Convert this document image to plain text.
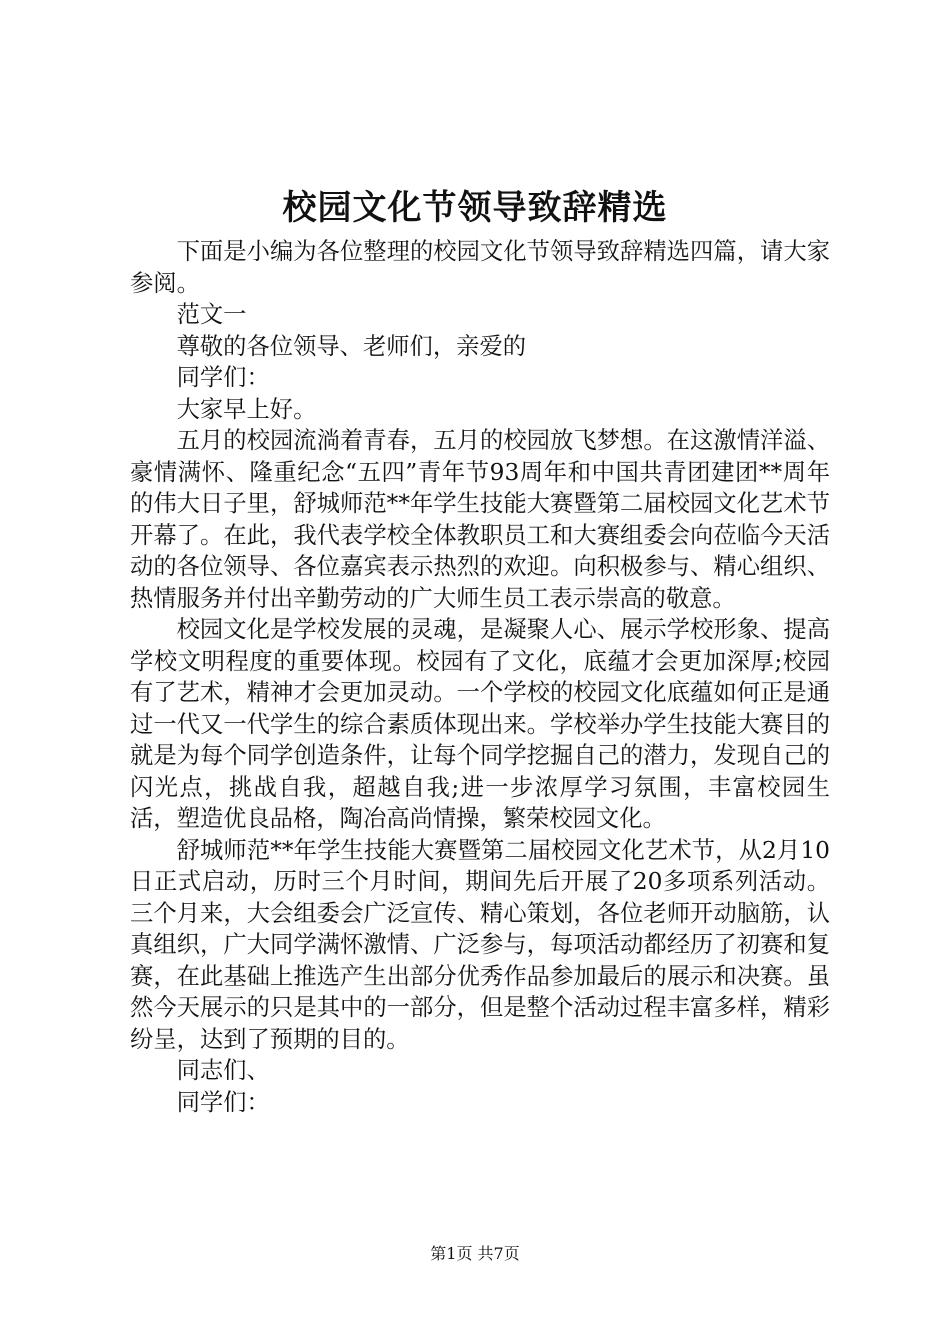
校园文化节领导致辞精选

下面是小编为各位整理的校园文化节领导致辞精选四篇，请大家参阅。

范文一

尊敬的各位领导、老师们，亲爱的

同学们：

大家早上好。

五月的校园流淌着青春，五月的校园放飞梦想。在这激情洋溢、豪情满怀、隆重纪念“五四”青年节93周年和中国共青团建团**周年的伟大日子里，舒城师范**年学生技能大赛暨第二届校园文化艺术节开幕了。在此，我代表学校全体教职员工和大赛组委会向莅临今天活动的各位领导、各位嘉宾表示热烈的欢迎。向积极参与、精心组织、热情服务并付出辛勤劳动的广大师生员工表示崇高的敬意。

校园文化是学校发展的灵魂，是凝聚人心、展示学校形象、提高学校文明程度的重要体现。校园有了文化，底蕴才会更加深厚;校园有了艺术，精神才会更加灵动。一个学校的校园文化底蕴如何正是通过一代又一代学生的综合素质体现出来。学校举办学生技能大赛目的就是为每个同学创造条件，让每个同学挖掘自己的潜力，发现自己的闪光点，挑战自我，超越自我;进一步浓厚学习氛围，丰富校园生活，塑造优良品格，陶冶高尚情操，繁荣校园文化。

舒城师范**年学生技能大赛暨第二届校园文化艺术节，从2月10日正式启动，历时三个月时间，期间先后开展了20多项系列活动。三个月来，大会组委会广泛宣传、精心策划，各位老师开动脑筋，认真组织，广大同学满怀激情、广泛参与，每项活动都经历了初赛和复赛，在此基础上推选产生出部分优秀作品参加最后的展示和决赛。虽然今天展示的只是其中的一部分，但是整个活动过程丰富多样，精彩纷呈，达到了预期的目的。

同志们、

同学们：

第1页 共7页
